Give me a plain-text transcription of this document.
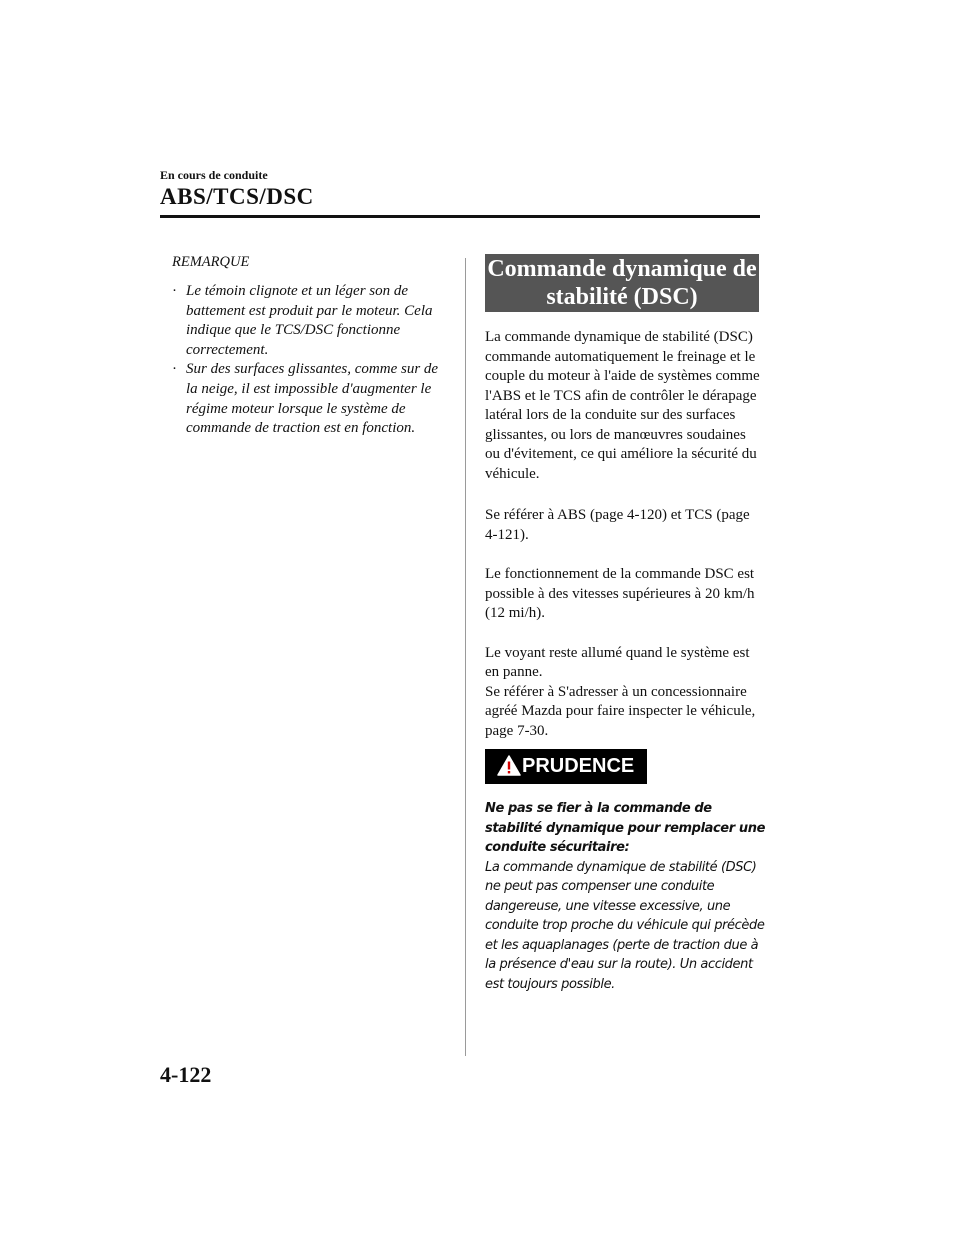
En cours de conduite
ABS/TCS/DSC

REMARQUE

· Le témoin clignote et un léger son de battement est produit par le moteur. Cela indique que le TCS/DSC fonctionne correctement.
· Sur des surfaces glissantes, comme sur de la neige, il est impossible d'augmenter le régime moteur lorsque le système de commande de traction est en fonction.
Commande dynamique de
stabilité (DSC)

La commande dynamique de stabilité (DSC) commande automatiquement le freinage et le couple du moteur à l'aide de systèmes comme l'ABS et le TCS afin de contrôler le dérapage latéral lors de la conduite sur des surfaces glissantes, ou lors de manœuvres soudaines ou d'évitement, ce qui améliore la sécurité du véhicule.

Se référer à ABS (page 4-120) et TCS (page 4-121).

Le fonctionnement de la commande DSC est possible à des vitesses supérieures à 20 km/h (12 mi/h).

Le voyant reste allumé quand le système est en panne.

Se référer à S'adresser à un concessionnaire agréé Mazda pour faire inspecter le véhicule, page 7-30.

PRUDENCE

Ne pas se fier à la commande de stabilité dynamique pour remplacer une conduite sécuritaire:

La commande dynamique de stabilité (DSC) ne peut pas compenser une conduite dangereuse, une vitesse excessive, une conduite trop proche du véhicule qui précède et les aquaplanages (perte de traction due à la présence d'eau sur la route). Un accident est toujours possible.

4-122
